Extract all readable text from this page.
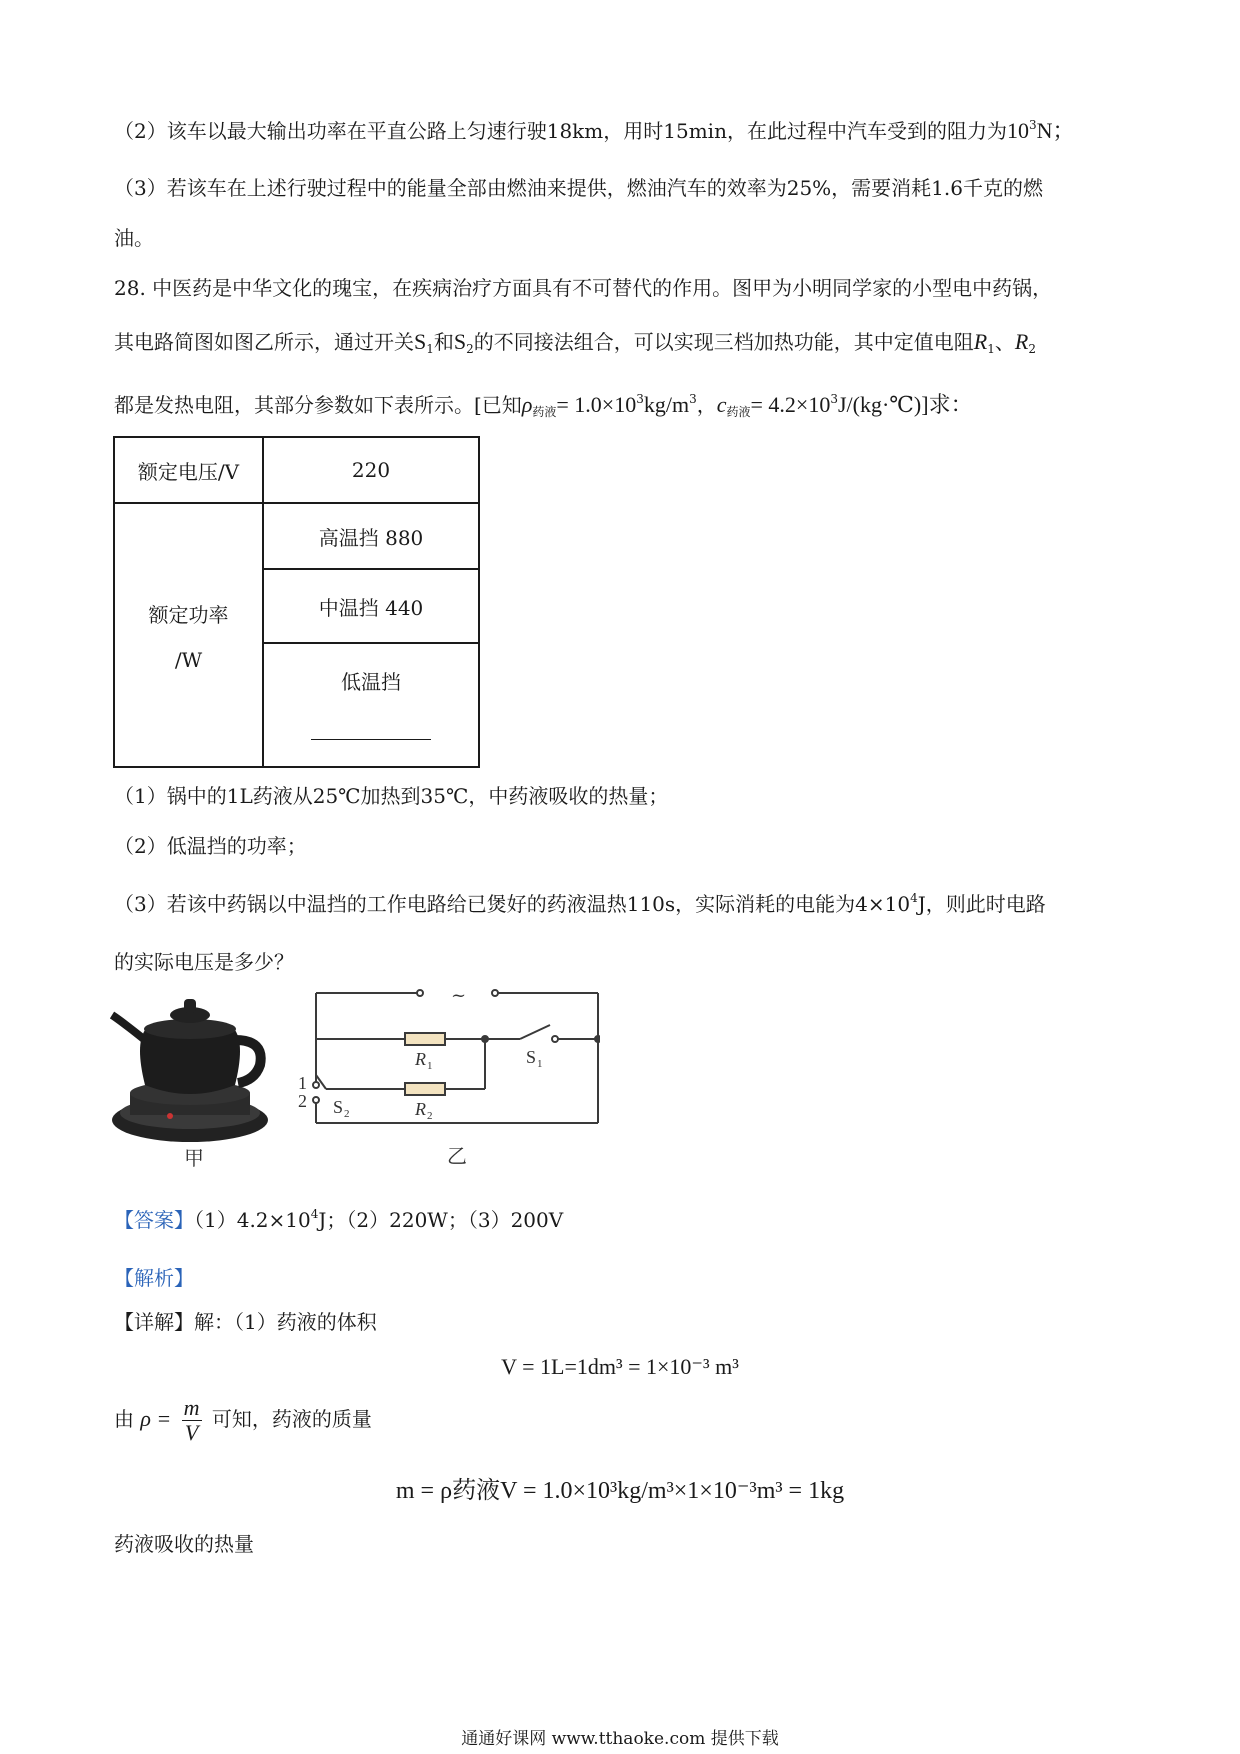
（2）该车以最大输出功率在平直公路上匀速行驶18km，用时15min，在此过程中汽车受到的阻力为$10^3N$；
（3）若该车在上述行驶过程中的能量全部由燃油来提供，燃油汽车的效率为25%，需要消耗1.6千克的燃
油。
28. 中医药是中华文化的瑰宝，在疾病治疗方面具有不可替代的作用。图甲为小明同学家的小型电中药锅，
其电路简图如图乙所示，通过开关$S_1$和$S_2$的不同接法组合，可以实现三档加热功能，其中定值电阻$R_1$、$R_2$
都是发热电阻，其部分参数如下表所示。[已知$\rho_{药液}= 1.0\times 10^3kg/m^3$，$c_{药液}=$ $4.2\times 10^3J/(kg\cdot℃)$]求：
额定电压/V	220

额定功率
/W	高温挡 880
	中温挡 440

	低温挡
（1）锅中的1L药液从25℃加热到35℃，中药液吸收的热量；
（2）低温挡的功率；
（3）若该中药锅以中温挡的工作电路给已煲好的药液温热110s，实际消耗的电能为$4\times 10^4J$，则此时电路
的实际电压是多少？
甲
~
R 1
R 2
S 1
S 2
1
2
乙
【答案】$(1)4.2\times 10^4J$；（2）220W；（3）200V
【解析】
【详解】解：（1）药液的体积
V = 1L=1dm³ = 1×10⁻³ m³
由 $\rho = \frac{m}{V}$ 可知，药液的质量
m = ρ药液V = 1.0×10³kg/m³×1×10⁻³m³ = 1kg
药液吸收的热量
通通好课网 www.tthaoke.com 提供下载
